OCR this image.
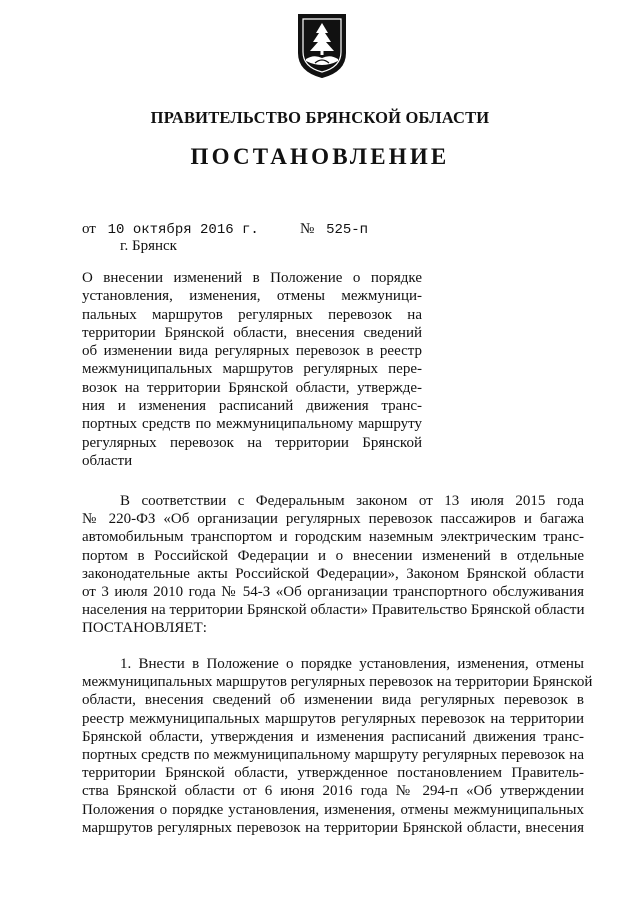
ПРАВИТЕЛЬСТВО БРЯНСКОЙ ОБЛАСТИ
ПОСТАНОВЛЕНИЕ
от 10 октября 2016 г.	№ 525-п
г. Брянск
О внесении изменений в Положение о порядке
установления, изменения, отмены межмуници-
пальных маршрутов регулярных перевозок на
территории Брянской области, внесения сведений
об изменении вида регулярных перевозок в реестр
межмуниципальных маршрутов регулярных пере-
возок на территории Брянской области, утвержде-
ния и изменения расписаний движения транс-
портных средств по межмуниципальному маршруту
регулярных перевозок на территории Брянской
области
В соответствии с Федеральным законом от 13 июля 2015 года
№ 220-ФЗ «Об организации регулярных перевозок пассажиров и багажа
автомобильным транспортом и городским наземным электрическим транс-
портом в Российской Федерации и о внесении изменений в отдельные
законодательные акты Российской Федерации», Законом Брянской области
от 3 июля 2010 года № 54-З «Об организации транспортного обслуживания
населения на территории Брянской области» Правительство Брянской области
ПОСТАНОВЛЯЕТ:
1. Внести в Положение о порядке установления, изменения, отмены
межмуниципальных маршрутов регулярных перевозок на территории Брянской
области, внесения сведений об изменении вида регулярных перевозок в
реестр межмуниципальных маршрутов регулярных перевозок на территории
Брянской области, утверждения и изменения расписаний движения транс-
портных средств по межмуниципальному маршруту регулярных перевозок на
территории Брянской области, утвержденное постановлением Правитель-
ства Брянской области от 6 июня 2016 года № 294-п «Об утверждении
Положения о порядке установления, изменения, отмены межмуниципальных
маршрутов регулярных перевозок на территории Брянской области, внесения
